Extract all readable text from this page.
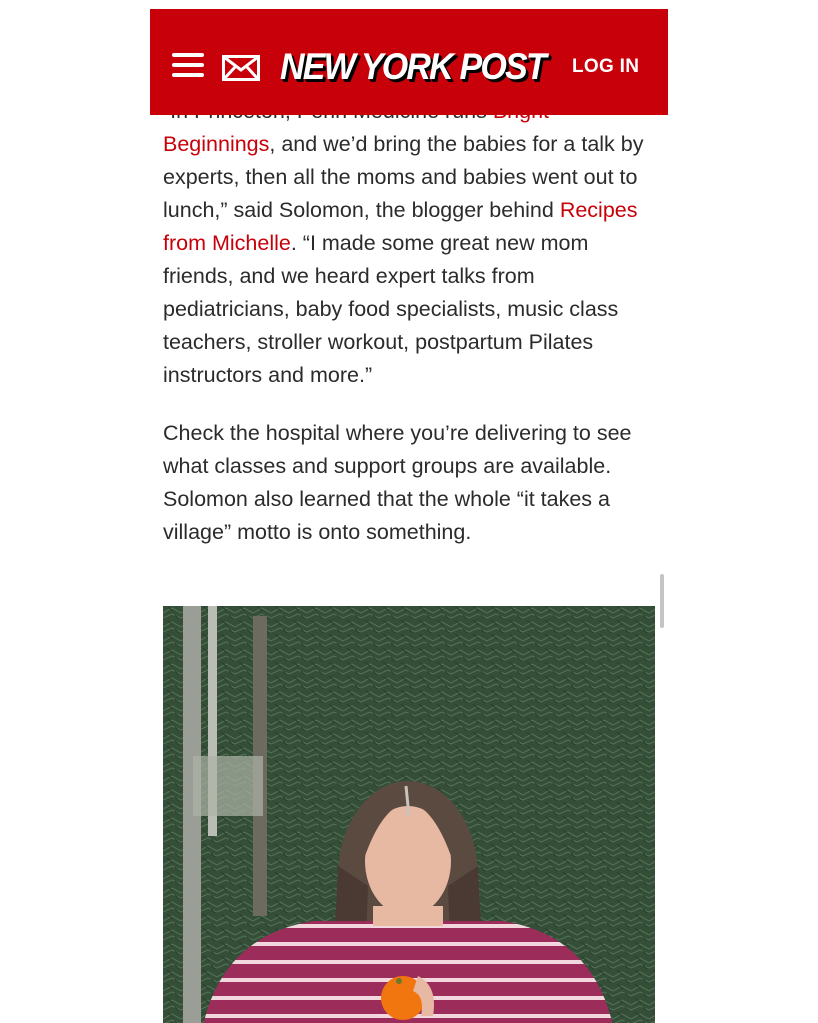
Beginnings, and we’d bring the babies for a talk by experts, then all the moms and babies went out to lunch,” said Solomon, the blogger behind Recipes from Michelle. “I made some great new mom friends, and we heard expert talks from pediatricians, baby food specialists, music class teachers, stroller workout, postpartum Pilates instructors and more.”

Check the hospital where you’re delivering to see what classes and support groups are available.

Solomon also learned that the whole “it takes a village” motto is onto something.

NEW YORK POST LOG IN
